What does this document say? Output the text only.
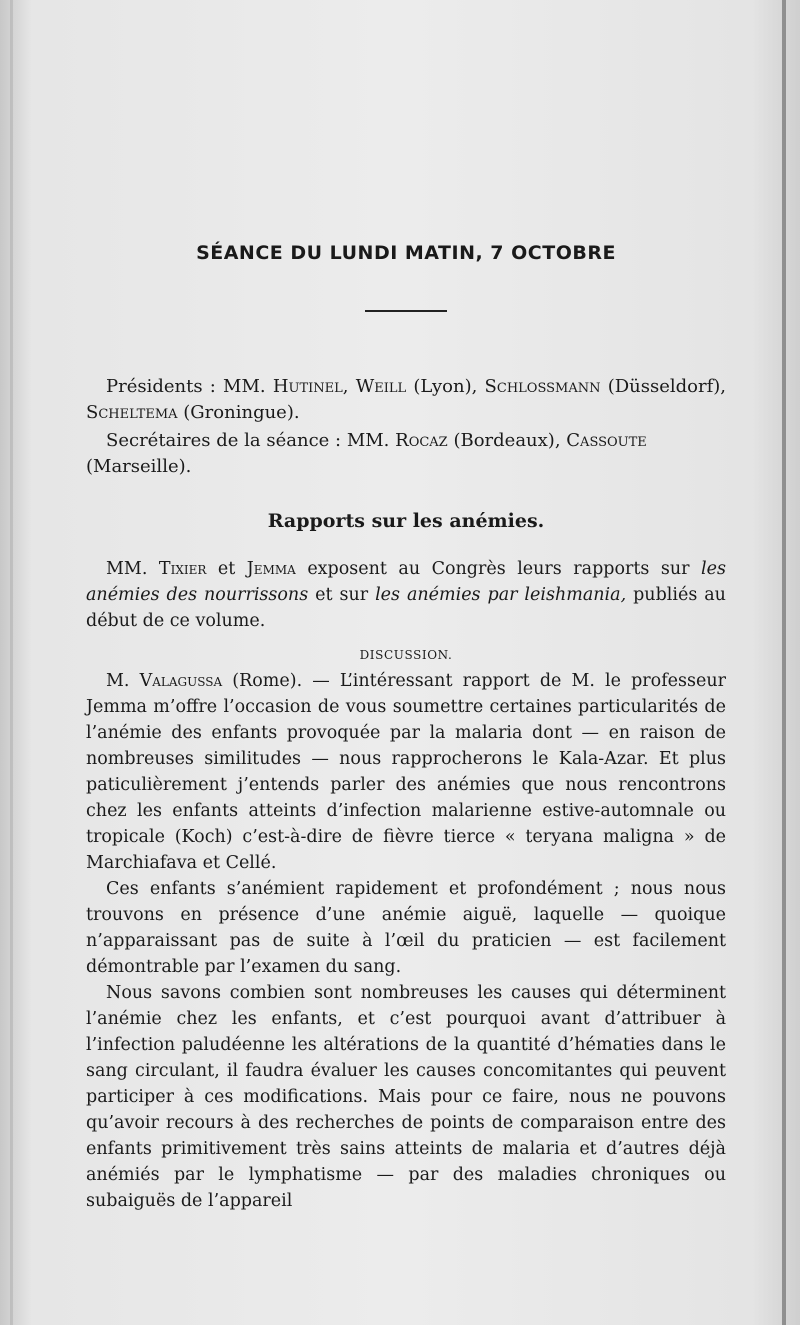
SÉANCE DU LUNDI MATIN, 7 OCTOBRE

Présidents : MM. Hutinel, Weill (Lyon), Schlossmann (Düsseldorf), Scheltema (Groningue).

Secrétaires de la séance : MM. Rocaz (Bordeaux), Cassoute (Marseille).

Rapports sur les anémies.

MM. Tixier et Jemma exposent au Congrès leurs rapports sur les anémies des nourrissons et sur les anémies par leishmania, publiés au début de ce volume.

DISCUSSION.

M. Valagussa (Rome). — L’intéressant rapport de M. le professeur Jemma m’offre l’occasion de vous soumettre certaines particularités de l’anémie des enfants provoquée par la malaria dont — en raison de nombreuses similitudes — nous rapprocherons le Kala-Azar. Et plus paticulièrement j’entends parler des anémies que nous rencontrons chez les enfants atteints d’infection malarienne estive-automnale ou tropicale (Koch) c’est-à-dire de fièvre tierce « teryana maligna » de Marchiafava et Cellé.

Ces enfants s’anémient rapidement et profondément ; nous nous trouvons en présence d’une anémie aiguë, laquelle — quoique n’apparaissant pas de suite à l’œil du praticien — est facilement démontrable par l’examen du sang.

Nous savons combien sont nombreuses les causes qui déterminent l’anémie chez les enfants, et c’est pourquoi avant d’attribuer à l’infection paludéenne les altérations de la quantité d’hématies dans le sang circulant, il faudra évaluer les causes concomitantes qui peuvent participer à ces modifications. Mais pour ce faire, nous ne pouvons qu’avoir recours à des recherches de points de comparaison entre des enfants primitivement très sains atteints de malaria et d’autres déjà anémiés par le lymphatisme — par des maladies chroniques ou subaiguës de l’appareil
